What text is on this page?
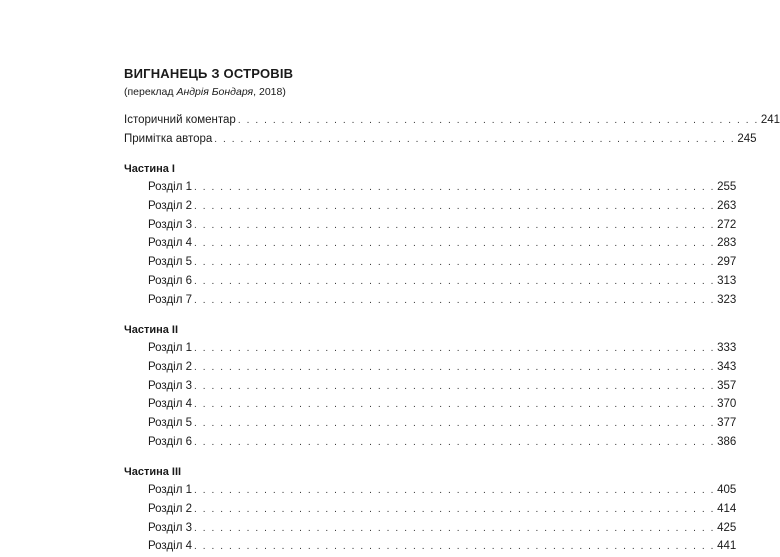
ВИГНАНЕЦЬ З ОСТРОВІВ
(переклад Андрія Бондаря, 2018)
Історичний коментар . . .	241
Примітка автора . . .	245
Частина I
Розділ 1 . . .	255
Розділ 2 . . .	263
Розділ 3 . . .	272
Розділ 4 . . .	283
Розділ 5 . . .	297
Розділ 6 . . .	313
Розділ 7 . . .	323
Частина II
Розділ 1 . . .	333
Розділ 2 . . .	343
Розділ 3 . . .	357
Розділ 4 . . .	370
Розділ 5 . . .	377
Розділ 6 . . .	386
Частина III
Розділ 1 . . .	405
Розділ 2 . . .	414
Розділ 3 . . .	425
Розділ 4 . . .	441
